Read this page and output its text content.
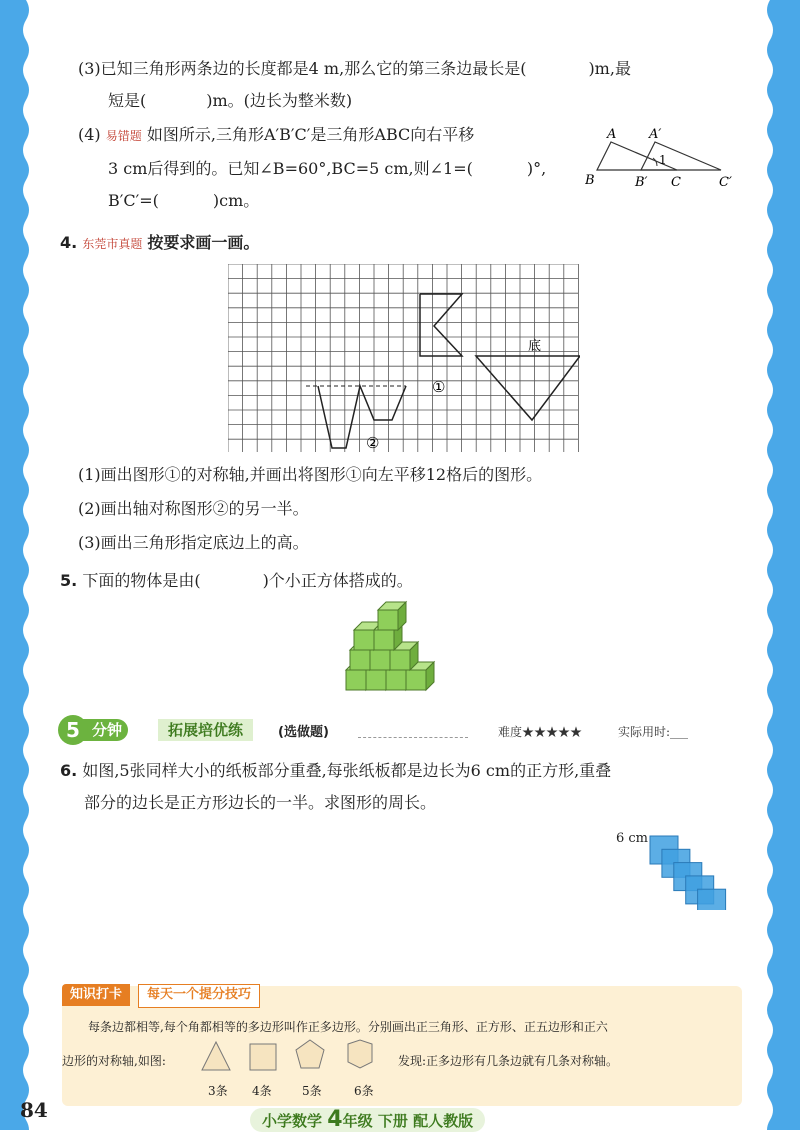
(3)已知三角形两条边的长度都是4 m,那么它的第三条边最长是(	)m,最
短是(	)m。(边长为整米数)
(4) 易错题 如图所示,三角形A′B′C′是三角形ABC向右平移
3 cm后得到的。已知∠B=60°,BC=5 cm,则∠1=(	)°,
B′C′=(	)cm。
A	A′
1
B	B′ C	C′
4. 东莞市真题 按要求画一画。
底
①
②
(1)画出图形①的对称轴,并画出将图形①向左平移12格后的图形。
(2)画出轴对称图形②的另一半。
(3)画出三角形指定底边上的高。
5. 下面的物体是由(	)个小正方体搭成的。
分钟
5	拓展培优练	(选做题)	难度★★★★★	实际用时:___
6. 如图,5张同样大小的纸板部分重叠,每张纸板都是边长为6 cm的正方形,重叠
部分的边长是正方形边长的一半。求图形的周长。
6 cm
知识打卡	每天一个提分技巧
每条边都相等,每个角都相等的多边形叫作正多边形。分别画出正三角形、正方形、正五边形和正六
边形的对称轴,如图:	发现:正多边形有几条边就有几条对称轴。
3条 4条	5条	6条
84	小学数学 4年级 下册 配人教版
